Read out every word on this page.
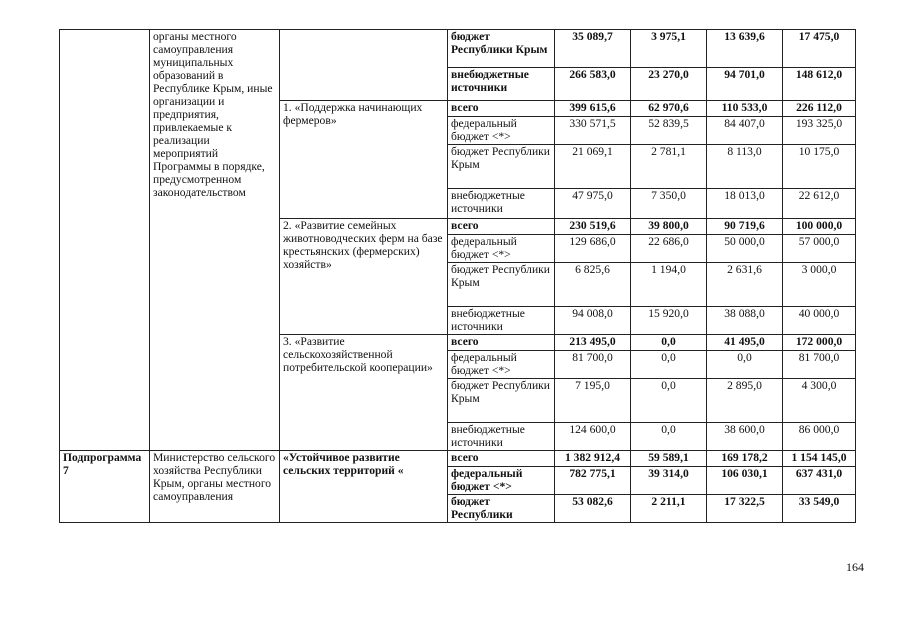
	органы местного самоуправления муниципальных образований в Республике Крым, иные организации и предприятия, привлекаемые к реализации мероприятий Программы в порядке, предусмотренном законодательством		бюджет Республики Крым	35 089,7	3 975,1	13 639,6	17 475,0
			внебюджетные источники	266 583,0	23 270,0	94 701,0	148 612,0
		1. «Поддержка начинающих фермеров»	всего	399 615,6	62 970,6	110 533,0	226 112,0
			федеральный бюджет <*>	330 571,5	52 839,5	84 407,0	193 325,0
			бюджет Республики Крым	21 069,1	2 781,1	8 113,0	10 175,0
			внебюджетные источники	47 975,0	7 350,0	18 013,0	22 612,0
		2. «Развитие семейных животноводческих ферм на базе крестьянских (фермерских) хозяйств»	всего	230 519,6	39 800,0	90 719,6	100 000,0
			федеральный бюджет <*>	129 686,0	22 686,0	50 000,0	57 000,0
			бюджет Республики Крым	6 825,6	1 194,0	2 631,6	3 000,0
			внебюджетные источники	94 008,0	15 920,0	38 088,0	40 000,0
		3. «Развитие сельскохозяйственной потребительской кооперации»	всего	213 495,0	0,0	41 495,0	172 000,0
			федеральный бюджет <*>	81 700,0	0,0	0,0	81 700,0
			бюджет Республики Крым	7 195,0	0,0	2 895,0	4 300,0
			внебюджетные источники	124 600,0	0,0	38 600,0	86 000,0
Подпрограмма 7	Министерство сельского хозяйства Республики Крым, органы местного самоуправления	«Устойчивое развитие сельских территорий «	всего	1 382 912,4	59 589,1	169 178,2	1 154 145,0
			федеральный бюджет <*>	782 775,1	39 314,0	106 030,1	637 431,0
			бюджет Республики	53 082,6	2 211,1	17 322,5	33 549,0
164
